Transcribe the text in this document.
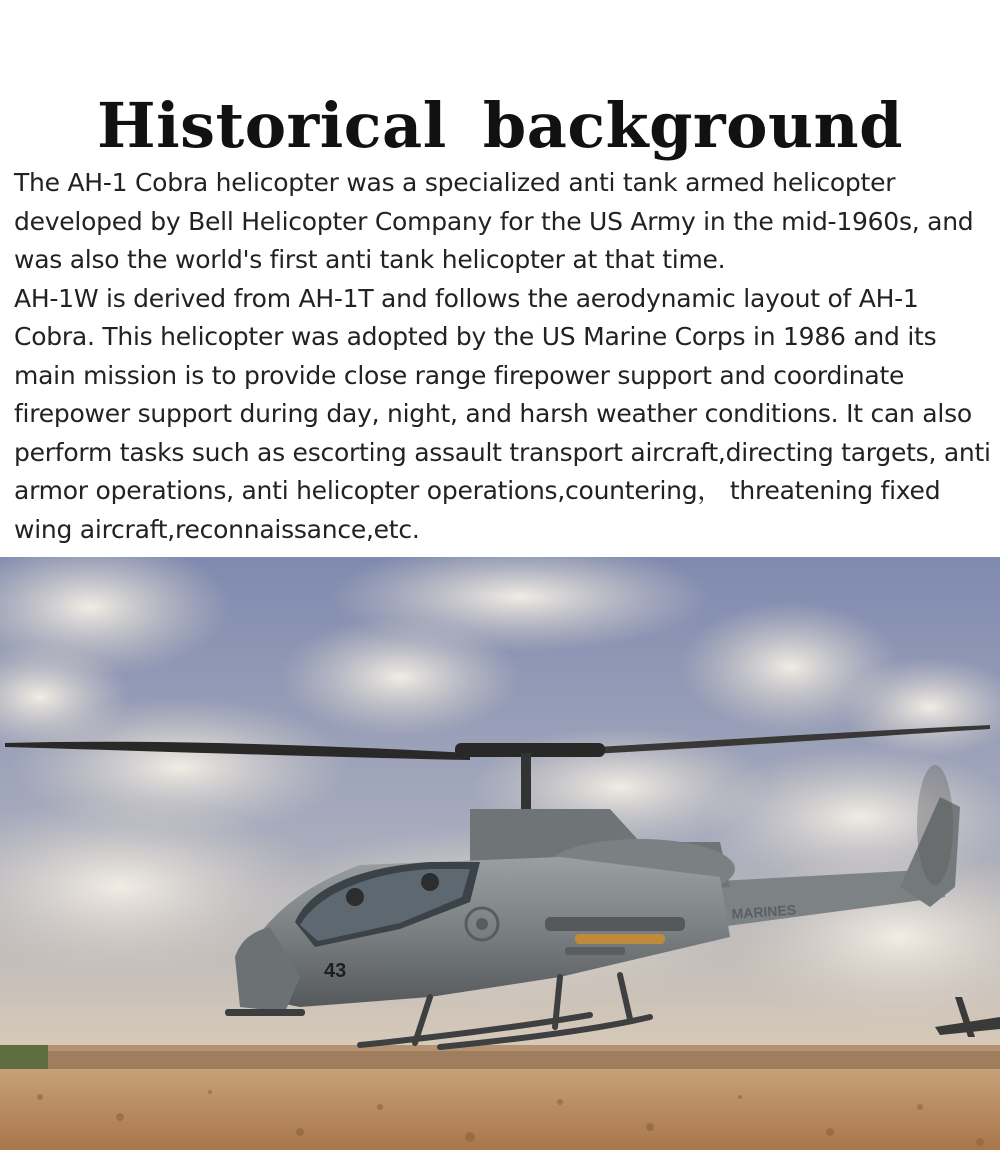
Historical background

The AH-1 Cobra helicopter was a specialized anti tank armed helicopter developed by Bell Helicopter Company for the US Army in the mid-1960s, and was also the world's first anti tank helicopter at that time.

AH-1W is derived from AH-1T and follows the aerodynamic layout of AH-1 Cobra. This helicopter was adopted by the US Marine Corps in 1986 and its main mission is to provide close range firepower support and coordinate firepower support during day, night, and harsh weather conditions. It can also perform tasks such as escorting assault transport aircraft,directing targets, anti armor operations, anti helicopter operations,countering， threatening fixed wing aircraft,reconnaissance,etc.

43
MARINES
